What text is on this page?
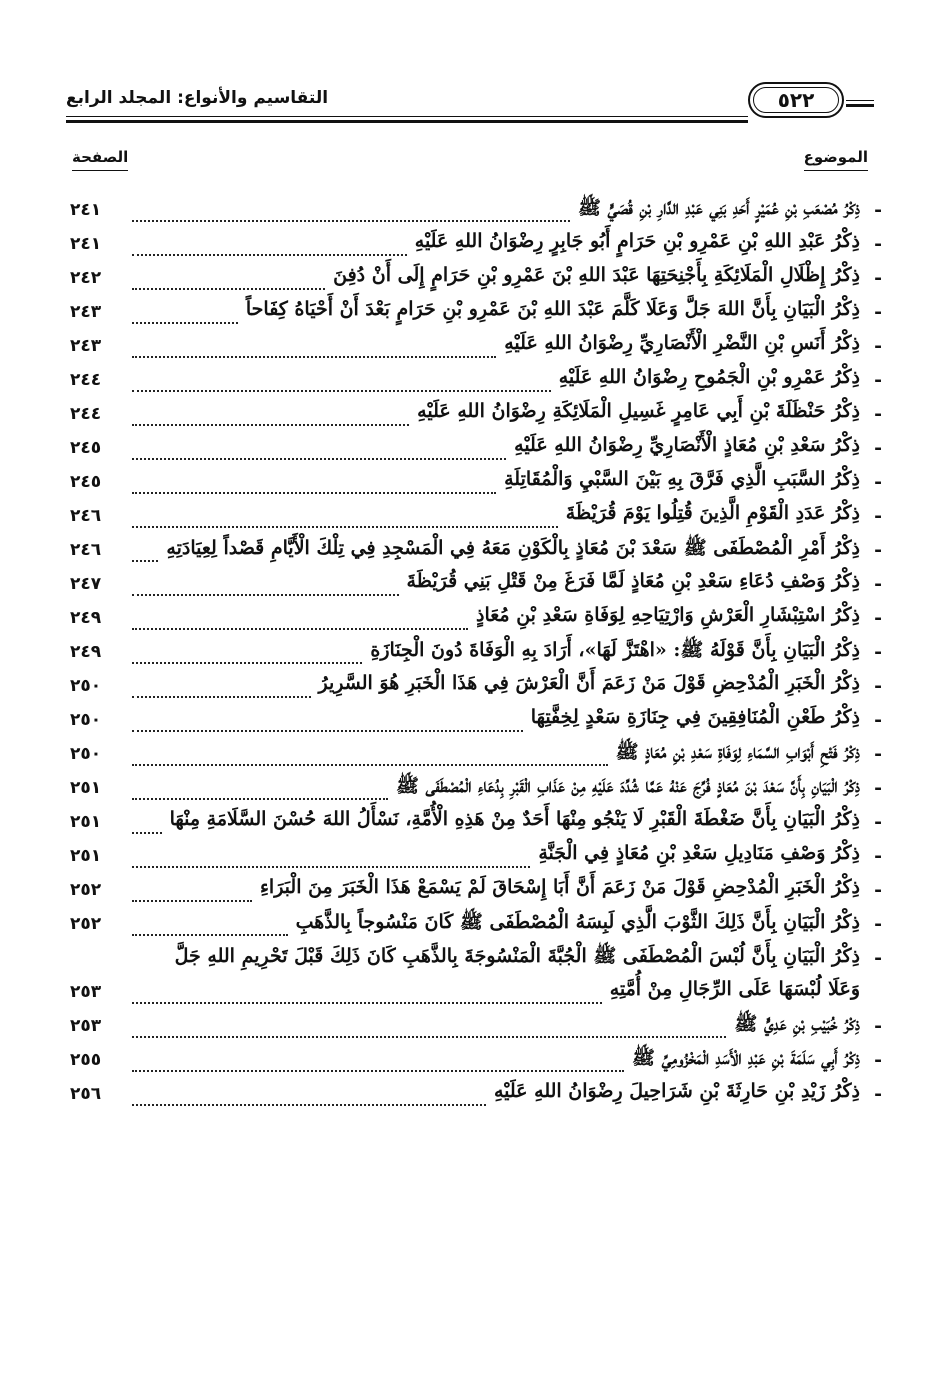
التقاسيم والأنواع: المجلد الرابع	٥٢٢
الموضوع
الصفحة
-
ذِكْرُ مُصْعَبِ بْنِ عُمَيْرٍ أَحَدِ بَنِي عَبْدِ الدَّارِ بْنِ قُصَيٍّ ﷺ
٢٤١
-
ذِكْرُ عَبْدِ اللهِ بْنِ عَمْرِو بْنِ حَرَامٍ أَبُو جَابِرٍ رِضْوَانُ اللهِ عَلَيْهِ
٢٤١
-
ذِكْرُ إِظْلَالِ الْمَلَائِكَةِ بِأَجْنِحَتِهَا عَبْدَ اللهِ بْنَ عَمْرِو بْنِ حَرَامٍ إِلَى أَنْ دُفِنَ
٢٤٢
-
ذِكْرُ الْبَيَانِ بِأَنَّ اللهَ جَلَّ وَعَلَا كَلَّمَ عَبْدَ اللهِ بْنَ عَمْرِو بْنِ حَرَامٍ بَعْدَ أَنْ أَحْيَاهُ كِفَاحاً
٢٤٣
-
ذِكْرُ أَنَسِ بْنِ النَّضْرِ الْأَنْصَارِيِّ رِضْوَانُ اللهِ عَلَيْهِ
٢٤٣
-
ذِكْرُ عَمْرِو بْنِ الْجَمُوحِ رِضْوَانُ اللهِ عَلَيْهِ
٢٤٤
-
ذِكْرُ حَنْظَلَةَ بْنِ أَبِي عَامِرٍ غَسِيلِ الْمَلَائِكَةِ رِضْوَانُ اللهِ عَلَيْهِ
٢٤٤
-
ذِكْرُ سَعْدِ بْنِ مُعَاذٍ الْأَنْصَارِيِّ رِضْوَانُ اللهِ عَلَيْهِ
٢٤٥
-
ذِكْرُ السَّبَبِ الَّذِي فَرَّقَ بِهِ بَيْنَ السَّبْيِ وَالْمُقَاتِلَةِ
٢٤٥
-
ذِكْرُ عَدَدِ الْقَوْمِ الَّذِينَ قُتِلُوا يَوْمَ قُرَيْظَةَ
٢٤٦
-
ذِكْرُ أَمْرِ الْمُصْطَفَى ﷺ سَعْدَ بْنَ مُعَاذٍ بِالْكَوْنِ مَعَهُ فِي الْمَسْجِدِ فِي تِلْكَ الْأَيَّامِ قَصْداً لِعِيَادَتِهِ
٢٤٦
-
ذِكْرُ وَصْفِ دُعَاءِ سَعْدِ بْنِ مُعَاذٍ لَمَّا فَرَغَ مِنْ قَتْلِ بَنِي قُرَيْظَةَ
٢٤٧
-
ذِكْرُ اسْتِبْشَارِ الْعَرْشِ وَارْتِيَاحِهِ لِوَفَاةِ سَعْدِ بْنِ مُعَاذٍ
٢٤٩
-
ذِكْرُ الْبَيَانِ بِأَنَّ قَوْلَهُ ﷺ: «اهْتَزَّ لَهَا»، أَرَادَ بِهِ الْوَفَاةَ دُونَ الْجِنَازَةِ
٢٤٩
-
ذِكْرُ الْخَبَرِ الْمُدْحِضِ قَوْلَ مَنْ زَعَمَ أَنَّ الْعَرْشَ فِي هَذَا الْخَبَرِ هُوَ السَّرِيرُ
٢٥٠
-
ذِكْرُ طَعْنِ الْمُنَافِقِينَ فِي جِنَازَةِ سَعْدٍ لِخِفَّتِهَا
٢٥٠
-
ذِكْرُ فَتْحِ أَبْوَابِ السَّمَاءِ لِوَفَاةِ سَعْدِ بْنِ مُعَاذٍ ﷺ
٢٥٠
-
ذِكْرُ الْبَيَانِ بِأَنَّ سَعْدَ بْنَ مُعَاذٍ فُرِّجَ عَنْهُ عَمَّا شُدِّدَ عَلَيْهِ مِنْ عَذَابِ الْقَبْرِ بِدُعَاءِ الْمُصْطَفَى ﷺ
٢٥١
-
ذِكْرُ الْبَيَانِ بِأَنَّ ضَغْطَةَ الْقَبْرِ لَا يَنْجُو مِنْهَا أَحَدٌ مِنْ هَذِهِ الْأُمَّةِ، نَسْأَلُ اللهَ حُسْنَ السَّلَامَةِ مِنْهَا
٢٥١
-
ذِكْرُ وَصْفِ مَنَادِيلِ سَعْدِ بْنِ مُعَاذٍ فِي الْجَنَّةِ
٢٥١
-
ذِكْرُ الْخَبَرِ الْمُدْحِضِ قَوْلَ مَنْ زَعَمَ أَنَّ أَبَا إِسْحَاقَ لَمْ يَسْمَعْ هَذَا الْخَبَرَ مِنَ الْبَرَاءِ
٢٥٢
-
ذِكْرُ الْبَيَانِ بِأَنَّ ذَلِكَ الثَّوْبَ الَّذِي لَبِسَهُ الْمُصْطَفَى ﷺ كَانَ مَنْسُوجاً بِالذَّهَبِ
٢٥٢
-
ذِكْرُ الْبَيَانِ بِأَنَّ لُبْسَ الْمُصْطَفَى ﷺ الْجُبَّةَ الْمَنْسُوجَةَ بِالذَّهَبِ كَانَ ذَلِكَ قَبْلَ تَحْرِيمِ اللهِ جَلَّ
وَعَلَا لُبْسَهَا عَلَى الرِّجَالِ مِنْ أُمَّتِهِ
٢٥٣
-
ذِكْرُ خُبَيْبِ بْنِ عَدِيٍّ ﷺ
٢٥٣
-
ذِكْرُ أَبِي سَلَمَةَ بْنِ عَبْدِ الْأَسَدِ الْمَخْزُومِيِّ ﷺ
٢٥٥
-
ذِكْرُ زَيْدِ بْنِ حَارِثَةَ بْنِ شَرَاحِيلَ رِضْوَانُ اللهِ عَلَيْهِ
٢٥٦
